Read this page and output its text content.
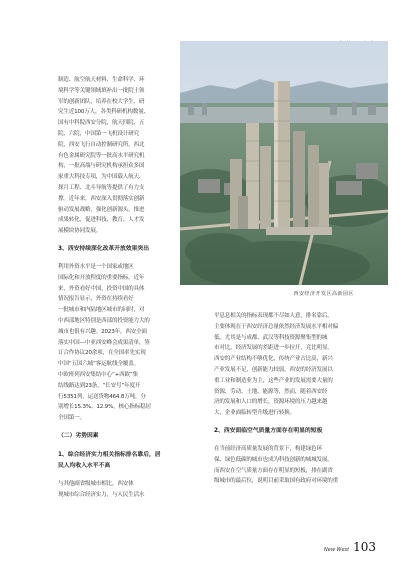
制造、航空航天材料、生命科学、环
境科学等关键领域填补出一批院士领
军的创新团队，培养在校大学生、研
究生近100万人，各类科研机构数量、
国有中科院西安分院，航天四院、五
院、六院，中国第一飞机设计研究
院，西安飞行自动控制研究所，西北
有色金属研究院等一批高水平研究机
构，一批高端与研究机构承担众多国
家重大科技专项，为中国载人航天、
探月工程、北斗导航等提供了有力支
撑。近年来，西安深入贯彻落实创新
驱动发展战略，强化创新源头，推进
成果转化，促进科技、教育、人才发
展模块协同发展。
3、西安持续深化改革开放效果突出
利用外资水平是一个国家或地区
国际化和开放程度的重要指标。近年
来，外资看好中国，投资中国的具体
情况报告显示，外资在持续看好
一批城市和内陆地区城市的同时，对
中西部地区特别是西部的投资能力大的
城市也很有兴趣。2023年，西安全面
落实中国—中亚西安峰会成果清单，签
订合作协议20余项，在全国率先实现
中国“五国六城”客运航线全覆盖。
中欧班列西安集结中心“+西欧”集
结线路达到23条，“长安号”年度开
行5351列，运送货物464.8万吨，分
别增长15.3%、12.9%，核心指标稳居
全国第一。
（二）劣势因素
1、综合经济实力相关指标排名靠后，居民人均收入水平不高
与其他副省级城市相比，西安体
现城市综合经济实力，与人民生活水
西安经济开发区高新园区
平息息相关的指标表现都不尽如人意，排名靠后。
主要体现在于西安经济总量依然经济发展水平相对偏
低。尤其是与成都、武汉等科技资源聚集型的城
市对比，经济发展的差距进一步拉开，竞比明显。
西安的产业结构不够优化，传统产业占比高，新兴
产业发展不足，创新能力较弱，西安的经济发展以
重工业和制造业为主，这些产业的发展需要大量的
资源、劳动、土地、能源等，然而，随着西安经
济的发展和人口的增长，资源环境的压力越来越
大，企业面临转型升级进行转换。
2、西安面临空气质量方面存在明显的短板
在当前经济高质量发展的背景下，构建绿色环
保、绿色低碳的城市也成为科技创新的城城发展。
而西安在空气质量方面存在明显的短板，排在副省
级城市的最后位，说明目前采取国有政府对环境的重
New West 103
